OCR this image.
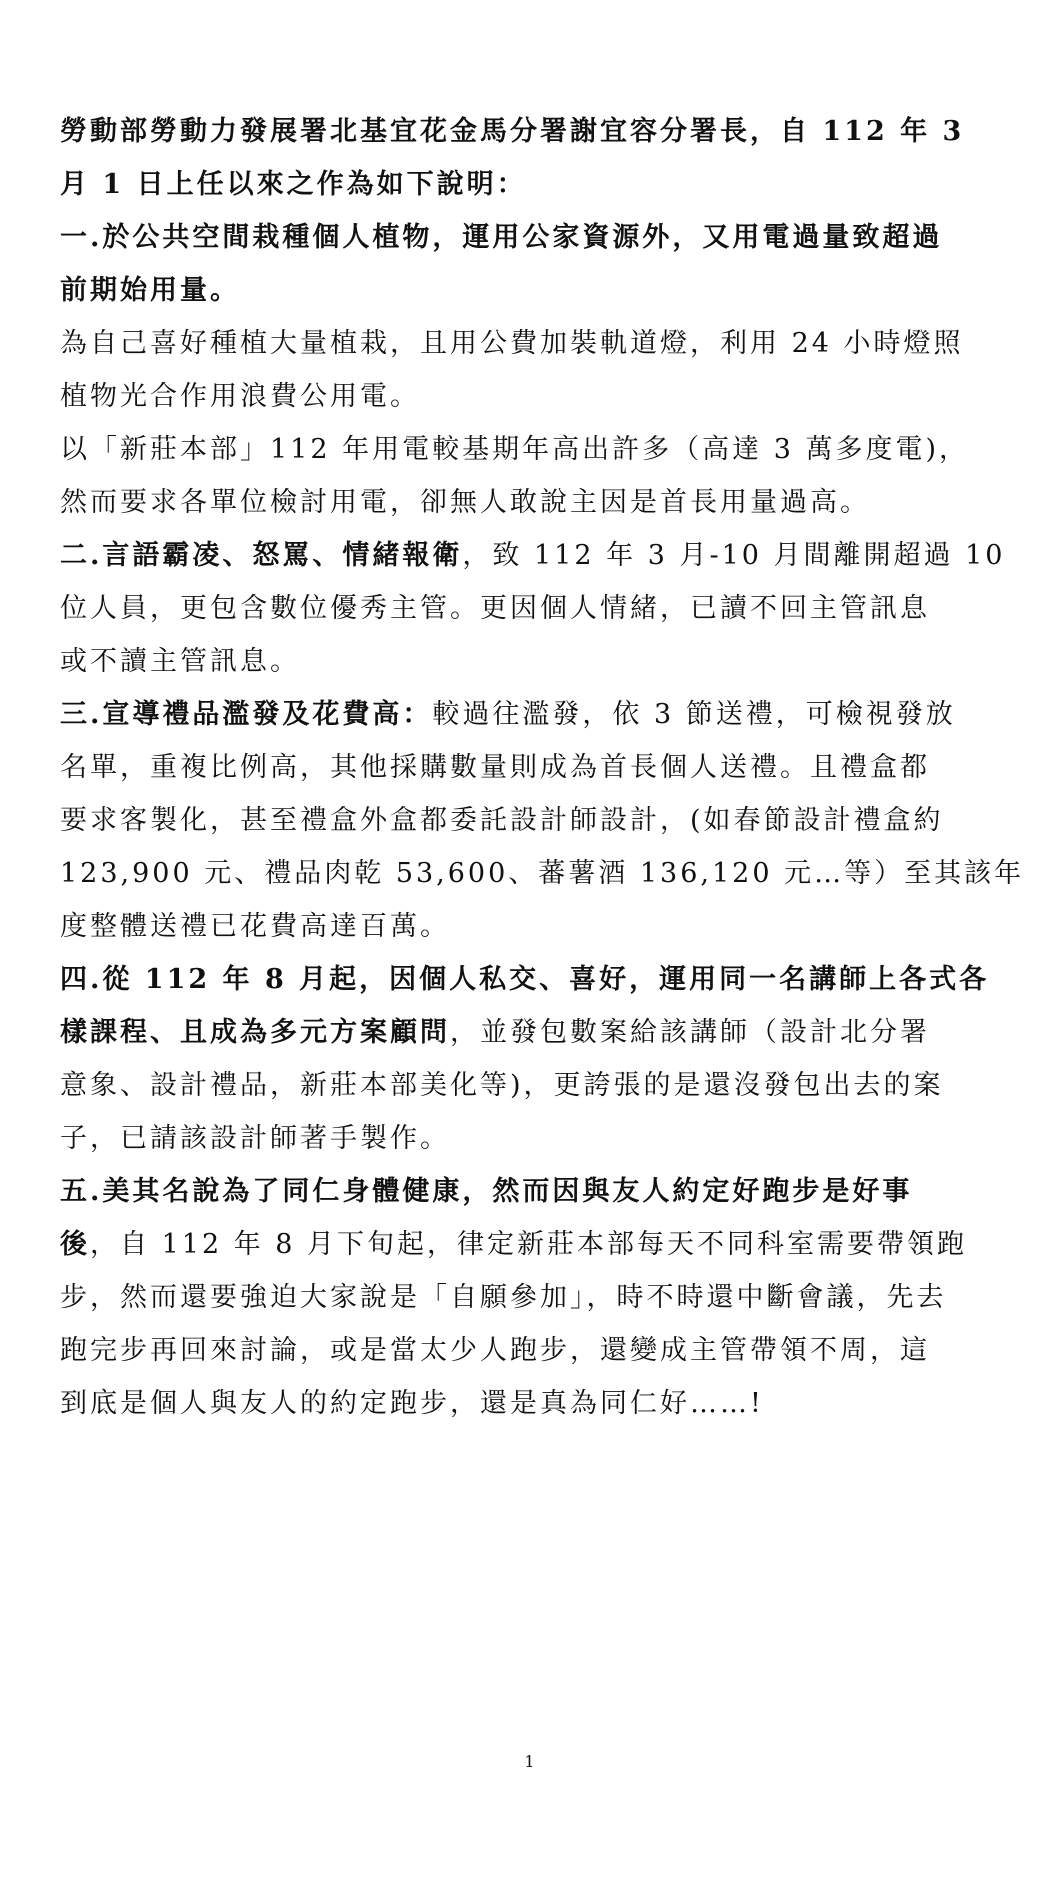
勞動部勞動力發展署北基宜花金馬分署謝宜容分署長，自 112 年 3
月 1 日上任以來之作為如下說明：
一.於公共空間栽種個人植物，運用公家資源外，又用電過量致超過
前期始用量。
為自己喜好種植大量植栽，且用公費加裝軌道燈，利用 24 小時燈照
植物光合作用浪費公用電。
以「新莊本部」112 年用電較基期年高出許多（高達 3 萬多度電)，
然而要求各單位檢討用電，卻無人敢說主因是首長用量過高。
二.言語霸凌、怒罵、情緒報衛，致 112 年 3 月-10 月間離開超過 10
位人員，更包含數位優秀主管。更因個人情緒，已讀不回主管訊息
或不讀主管訊息。
三.宣導禮品濫發及花費高：較過往濫發，依 3 節送禮，可檢視發放
名單，重複比例高，其他採購數量則成為首長個人送禮。且禮盒都
要求客製化，甚至禮盒外盒都委託設計師設計，(如春節設計禮盒約
123,900 元、禮品肉乾 53,600、蕃薯酒 136,120 元…等）至其該年
度整體送禮已花費高達百萬。
四.從 112 年 8 月起，因個人私交、喜好，運用同一名講師上各式各
樣課程、且成為多元方案顧問，並發包數案給該講師（設計北分署
意象、設計禮品，新莊本部美化等)，更誇張的是還沒發包出去的案
子，已請該設計師著手製作。
五.美其名說為了同仁身體健康，然而因與友人約定好跑步是好事
後，自 112 年 8 月下旬起，律定新莊本部每天不同科室需要帶領跑
步，然而還要強迫大家說是「自願參加」，時不時還中斷會議，先去
跑完步再回來討論，或是當太少人跑步，還變成主管帶領不周，這
到底是個人與友人的約定跑步，還是真為同仁好……!
1
